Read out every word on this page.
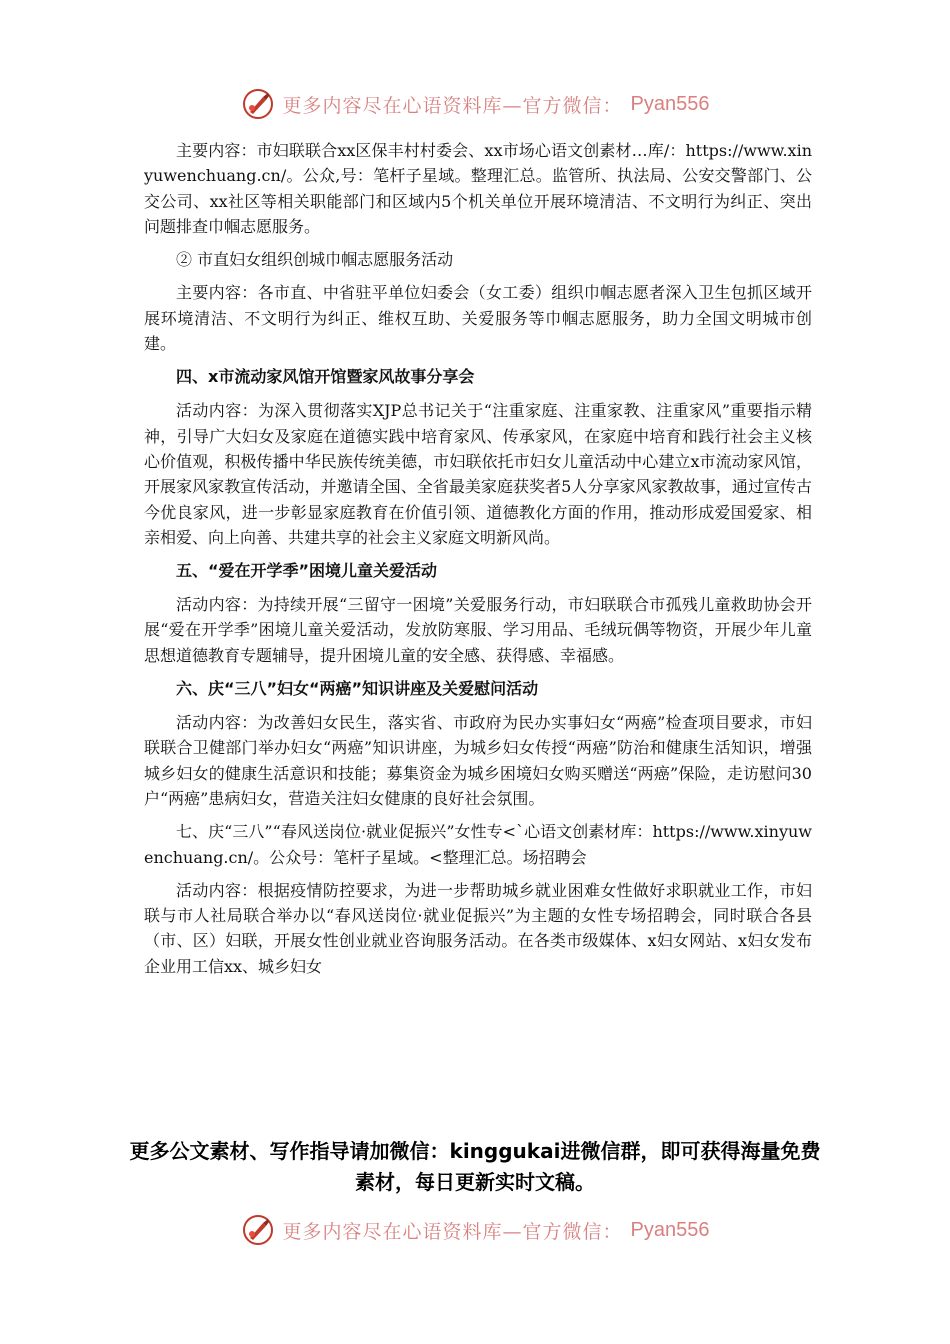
更多内容尽在心语资料库—官方微信： Pyan556

主要内容：市妇联联合xx区保丰村村委会、xx市场心语文创素材…库/：https://www.xinyuwenchuang.cn/。公众,号：笔杆子星域。整理汇总。监管所、执法局、公安交警部门、公交公司、xx社区等相关职能部门和区域内5个机关单位开展环境清洁、不文明行为纠正、突出问题排查巾帼志愿服务。

② 市直妇女组织创城巾帼志愿服务活动

主要内容：各市直、中省驻平单位妇委会（女工委）组织巾帼志愿者深入卫生包抓区域开展环境清洁、不文明行为纠正、维权互助、关爱服务等巾帼志愿服务，助力全国文明城市创建。

四、x市流动家风馆开馆暨家风故事分享会

活动内容：为深入贯彻落实XJP总书记关于“注重家庭、注重家教、注重家风”重要指示精神，引导广大妇女及家庭在道德实践中培育家风、传承家风，在家庭中培育和践行社会主义核心价值观，积极传播中华民族传统美德，市妇联依托市妇女儿童活动中心建立x市流动家风馆，开展家风家教宣传活动，并邀请全国、全省最美家庭获奖者5人分享家风家教故事，通过宣传古今优良家风，进一步彰显家庭教育在价值引领、道德教化方面的作用，推动形成爱国爱家、相亲相爱、向上向善、共建共享的社会主义家庭文明新风尚。

五、“爱在开学季”困境儿童关爱活动

活动内容：为持续开展“三留守一困境”关爱服务行动，市妇联联合市孤残儿童救助协会开展“爱在开学季”困境儿童关爱活动，发放防寒服、学习用品、毛绒玩偶等物资，开展少年儿童思想道德教育专题辅导，提升困境儿童的安全感、获得感、幸福感。

六、庆“三八”妇女“两癌”知识讲座及关爱慰问活动

活动内容：为改善妇女民生，落实省、市政府为民办实事妇女“两癌”检查项目要求，市妇联联合卫健部门举办妇女“两癌”知识讲座，为城乡妇女传授“两癌”防治和健康生活知识，增强城乡妇女的健康生活意识和技能；募集资金为城乡困境妇女购买赠送“两癌”保险，走访慰问30户“两癌”患病妇女，营造关注妇女健康的良好社会氛围。

七、庆“三八”“春风送岗位·就业促振兴”女性专<`心语文创素材库：https://www.xinyuwenchuang.cn/。公众号：笔杆子星域。<整理汇总。场招聘会

活动内容：根据疫情防控要求，为进一步帮助城乡就业困难女性做好求职就业工作，市妇联与市人社局联合举办以“春风送岗位·就业促振兴”为主题的女性专场招聘会，同时联合各县（市、区）妇联，开展女性创业就业咨询服务活动。在各类市级媒体、x妇女网站、x妇女发布企业用工信xx、城乡妇女

更多公文素材、写作指导请加微信：kinggukai进微信群，即可获得海量免费素材，每日更新实时文稿。
更多内容尽在心语资料库—官方微信： Pyan556
